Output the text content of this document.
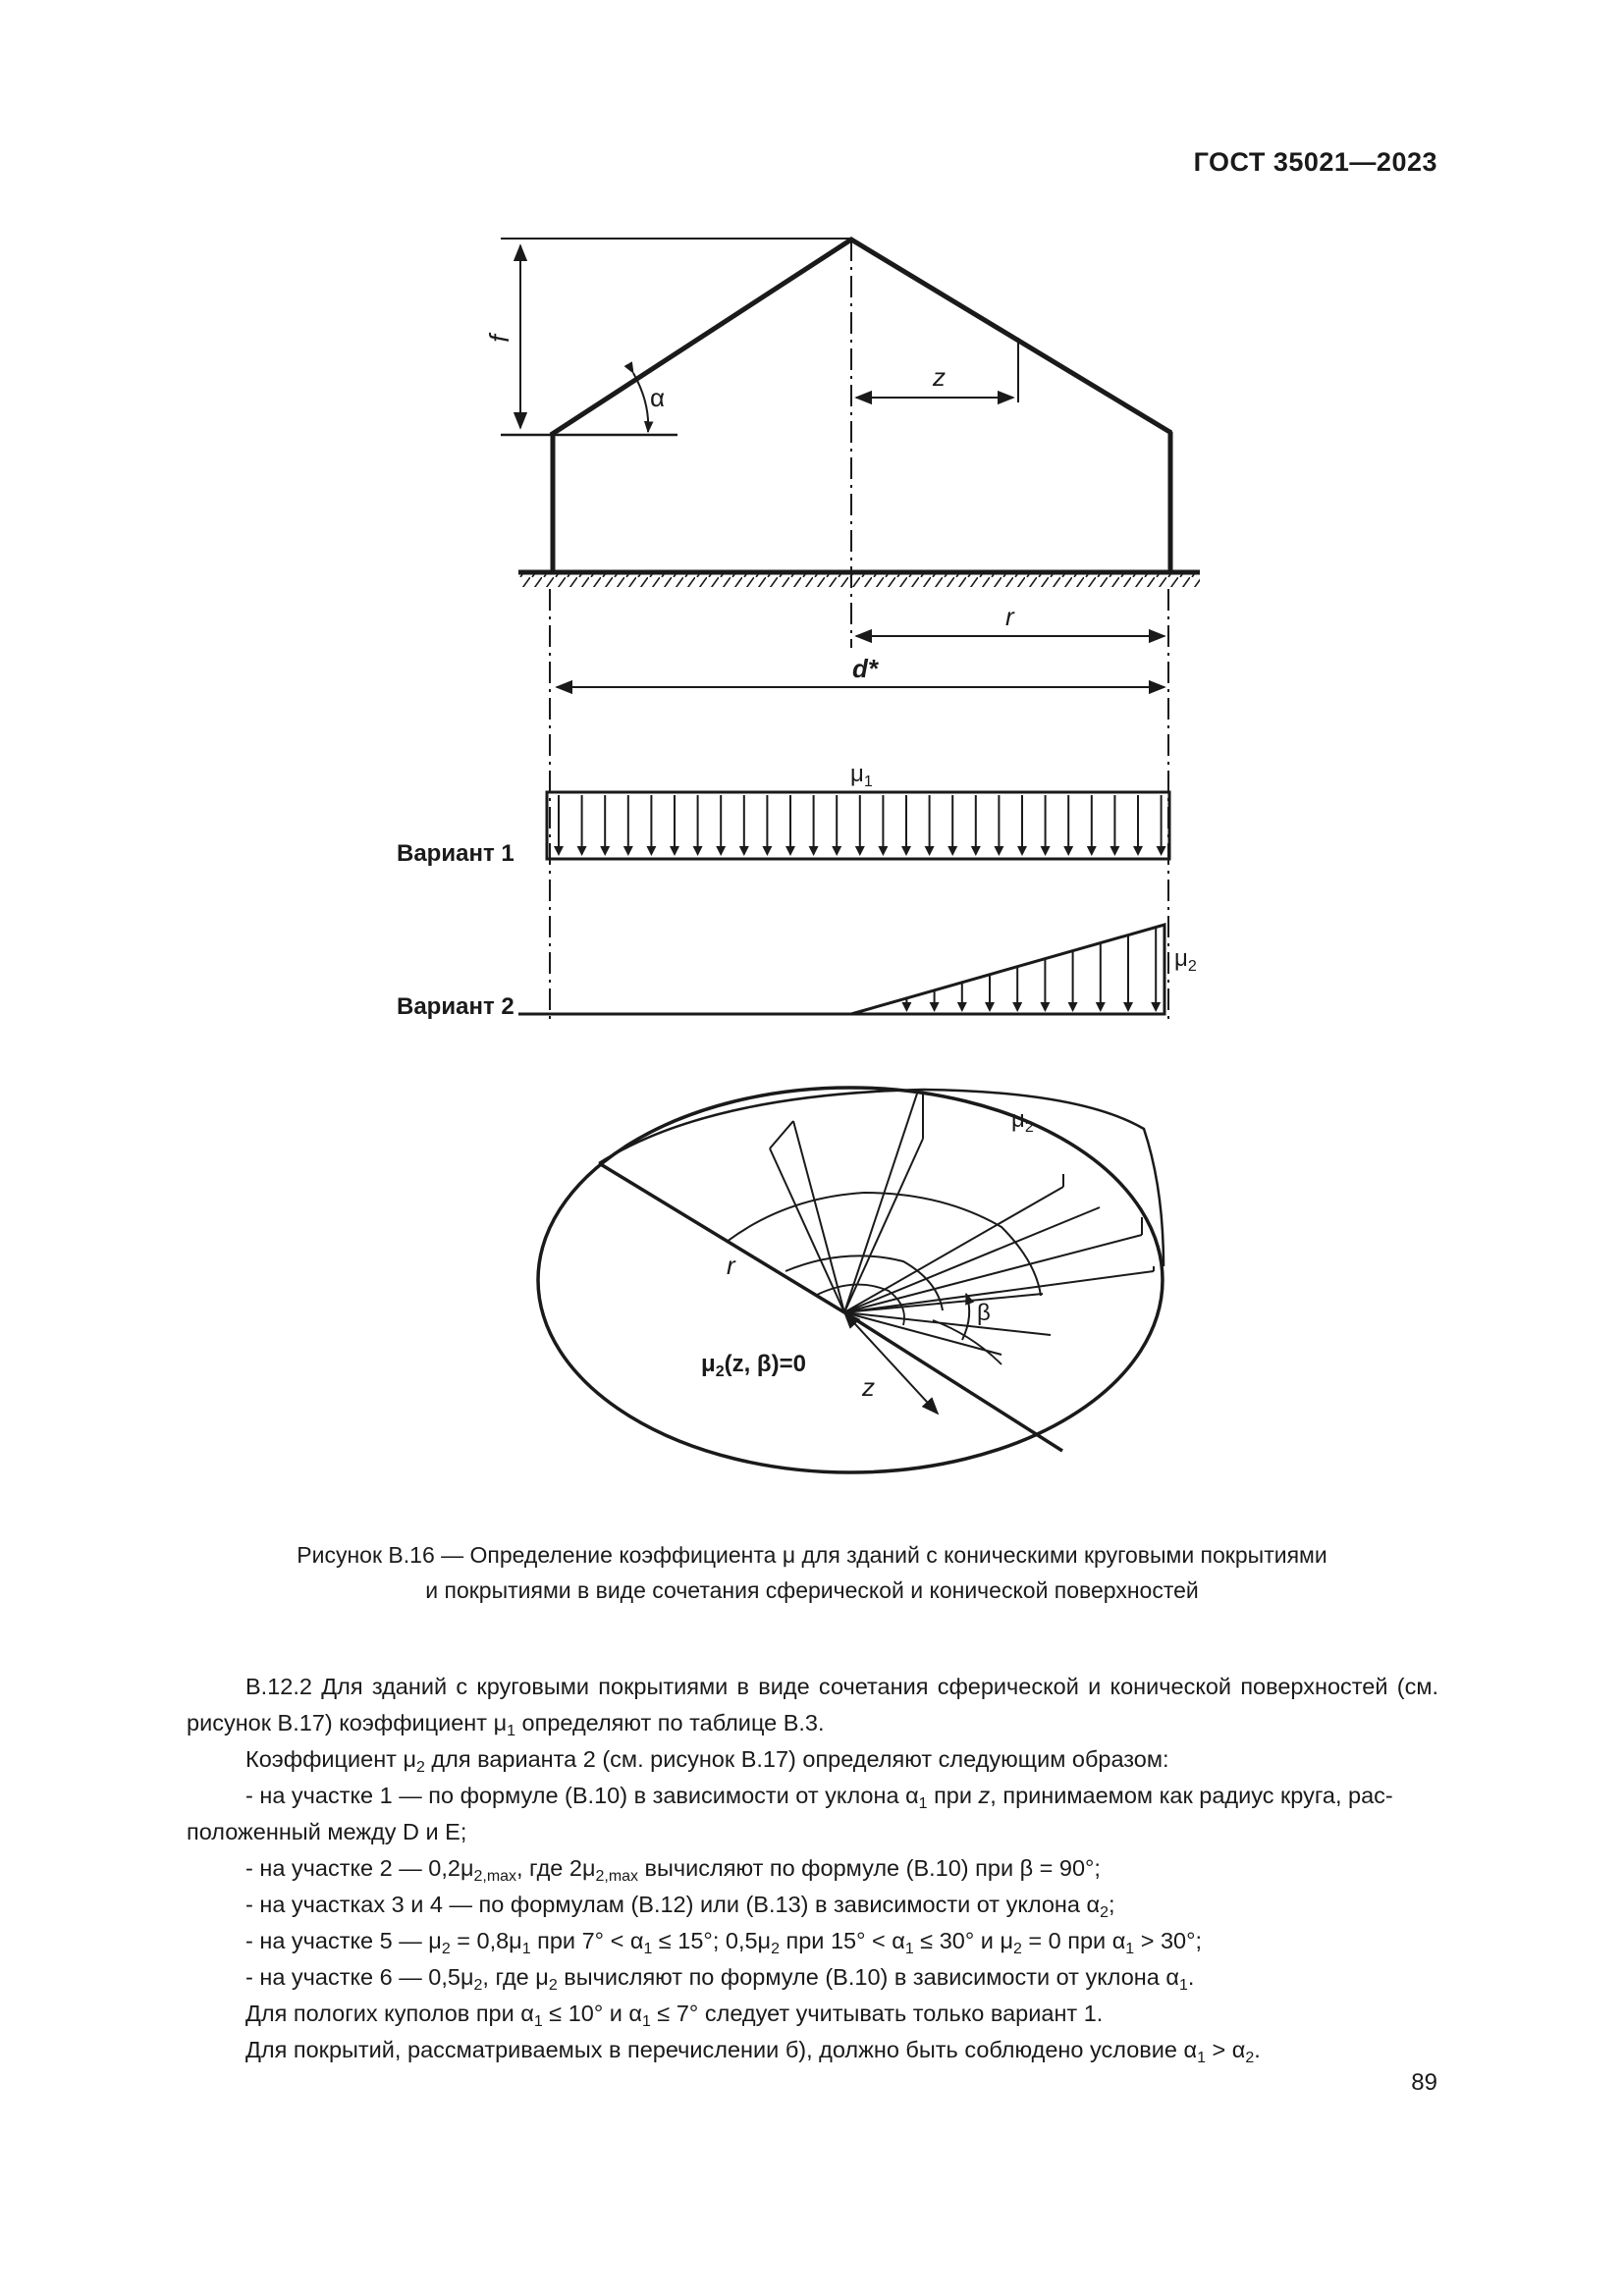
ГОСТ 35021—2023
f
α
z
r
d*
$\mu_1$
Вариант 1
$\mu_2$
Вариант 2
$\mu_2$
r
β
z
$\mu_2(z$, β)=0
Рисунок В.16 — Определение коэффициента μ для зданий с коническими круговыми покрытиями
и покрытиями в виде сочетания сферической и конической поверхностей

В.12.2 Для зданий с круговыми покрытиями в виде сочетания сферической и конической поверхностей (см. рисунок В.17) коэффициент $\mu_1$ определяют по таблице В.3.

Коэффициент $\mu_2$ для варианта 2 (см. рисунок В.17) определяют следующим образом:

- на участке 1 — по формуле (В.10) в зависимости от уклона $\alpha_1$ при z, принимаемом как радиус круга, рас-

положенный между D и E;

- на участке 2 — $0,2\mu_{2,max}$, где $2\mu_{2,max}$ вычисляют по формуле (В.10) при β = 90°;

- на участках 3 и 4 — по формулам (В.12) или (В.13) в зависимости от уклона $\alpha_2$;

- на участке 5 — $\mu_2 = 0,8\mu_1$ при $7^\circ < \alpha_1 \le 15^\circ$; $0,5\mu_2$ при $15^\circ < \alpha_1 \le 30^\circ$ и $\mu_2 = 0$ при $\alpha_1 > 30^\circ$;

- на участке 6 — $0,5\mu_2$, где $\mu_2$ вычисляют по формуле (В.10) в зависимости от уклона $\alpha_1$.

Для пологих куполов при $\alpha_1 \le 10^\circ$ и $\alpha_1 \le 7^\circ$ следует учитывать только вариант 1.

Для покрытий, рассматриваемых в перечислении б), должно быть соблюдено условие $\alpha_1 > \alpha_2$.

89
